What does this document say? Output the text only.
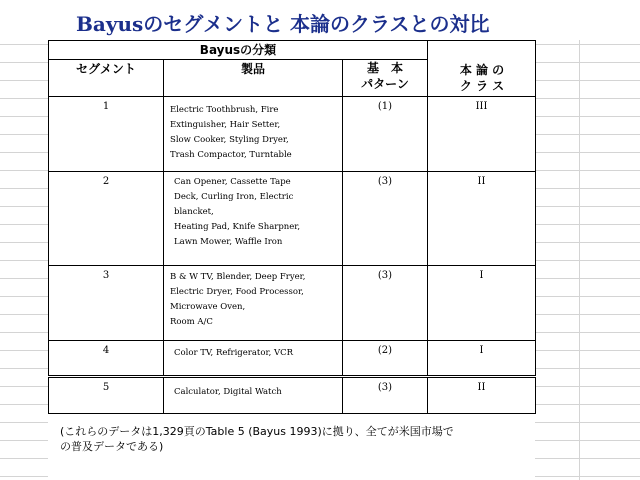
Bayusのセグメントと 本論のクラスとの対比
Bayusの分類			
セグメント	製品	基　本
パターン	
本 論 の
ク ラ ス
1	Electric Toothbrush, Fire
Extinguisher, Hair Setter,
Slow Cooker, Styling Dryer,
Trash Compactor, Turntable	(1)	III
2	Can Opener, Cassette Tape
Deck, Curling Iron, Electric
blancket,
Heating Pad, Knife Sharpner,
Lawn Mower, Waffle Iron	(3)	II
3	B & W TV, Blender, Deep Fryer,
Electric Dryer, Food Processor,
Microwave Oven,
Room A/C	(3)	I
4	Color TV, Refrigerator, VCR	(2)	I
5	Calculator, Digital Watch	(3)	II
(これらのデータは1,329頁のTable 5 (Bayus 1993)に拠り、全てが米国市場で
の普及データである)
